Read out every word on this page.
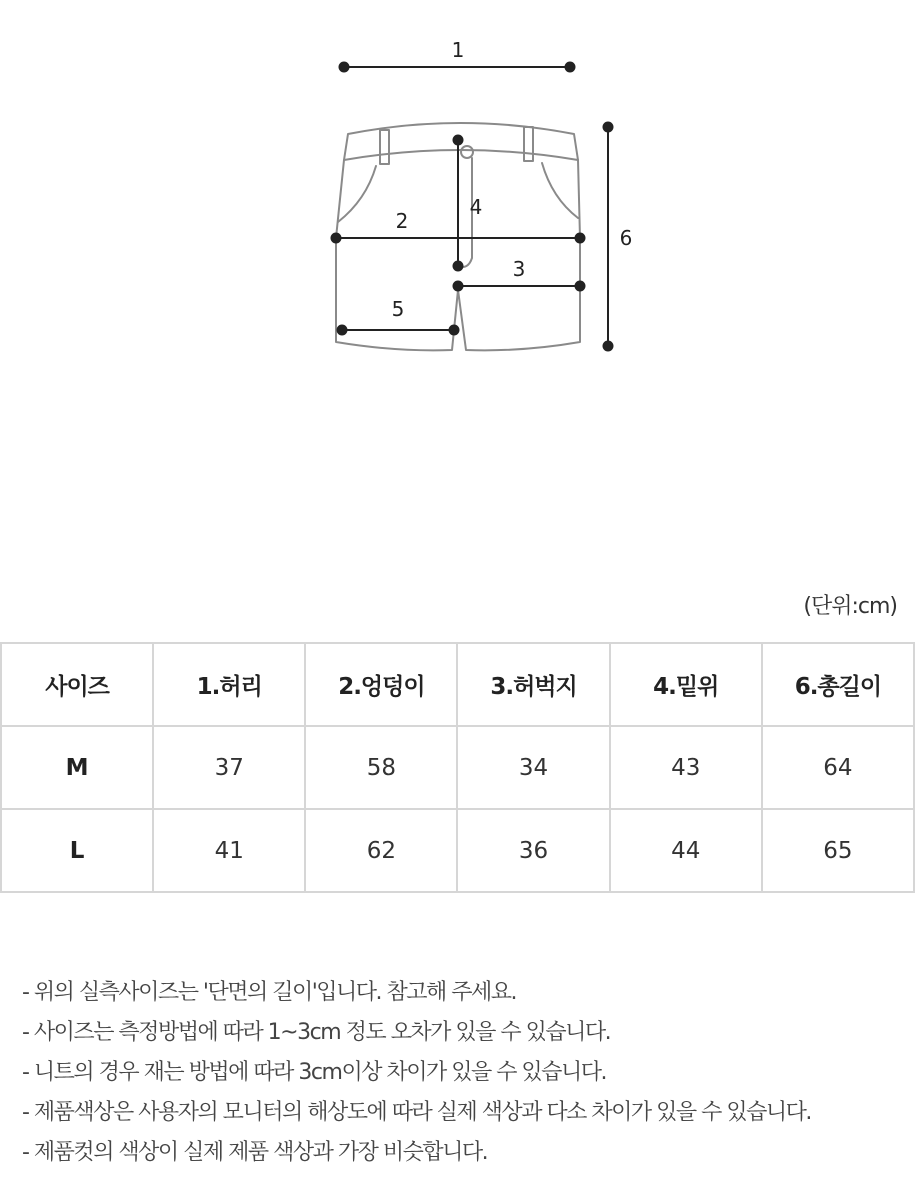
1
2
3
4
5
6
(단위:cm)
사이즈	1.허리	2.엉덩이	3.허벅지	4.밑위	6.총길이
M	37	58	34	43	64
L	41	62	36	44	65
- 위의 실측사이즈는 '단면의 길이'입니다. 참고해 주세요.
- 사이즈는 측정방법에 따라 1~3cm 정도 오차가 있을 수 있습니다.
- 니트의 경우 재는 방법에 따라 3cm이상 차이가 있을 수 있습니다.
- 제품색상은 사용자의 모니터의 해상도에 따라 실제 색상과 다소 차이가 있을 수 있습니다.
- 제품컷의 색상이 실제 제품 색상과 가장 비슷합니다.
